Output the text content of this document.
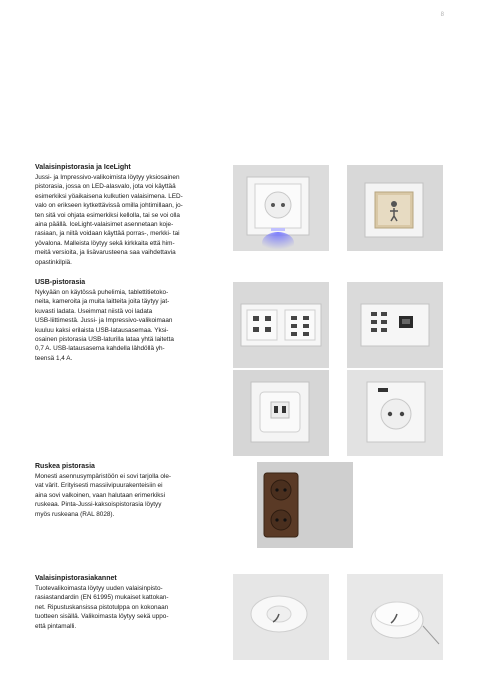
8
Valaisinpistorasia ja IceLight

Jussi- ja Impressivo-valikoimista löytyy yksiosainen
pistorasia, jossa on LED-alasvalo, jota voi käyttää
esimerkiksi yöaikaisena kulkutien valaisimena. LED-
valo on erikseen kytkettävissä omilla johtimillaan, jo-
ten sitä voi ohjata esimerkiksi kellolla, tai se voi olla
aina päällä. IceLight-valaisimet asennetaan koje-
rasiaan, ja niitä voidaan käyttää porras-, merkki- tai
yövalona. Malleista löytyy sekä kirkkaita että him-
meitä versioita, ja lisävarusteena saa vaihdettavia
opastinkilpiä.

USB-pistorasia

Nykyään on käytössä puhelimia, tablettitietoko-
neita, kameroita ja muita laitteita joita täytyy jat-
kuvasti ladata. Useimmat niistä voi ladata
USB-liittimestä. Jussi- ja Impressivo-valikoimaan
kuuluu kaksi erilaista USB-latausasemaa. Yksi-
osainen pistorasia USB-laturilla lataa yhtä laitetta
0,7 A. USB-latausasema kahdella lähdöllä yh-
teensä 1,4 A.

Ruskea pistorasia

Monesti asennusympäristöön ei sovi tarjolla ole-
vat värit. Erityisesti massiivipuurakenteisiin ei
aina sovi valkoinen, vaan halutaan erimerkiksi
ruskeaa. Pinta-Jussi-kaksoispistorasia löytyy
myös ruskeana (RAL 8028).

Valaisinpistorasiakannet

Tuotevalikoimasta löytyy uuden valaisinpisto-
rasiastandardin (EN 61995) mukaiset kattokan-
net. Ripustuskansissa pistotulppa on kokonaan
tuotteen sisällä. Valikoimasta löytyy sekä uppo-
että pintamalli.
